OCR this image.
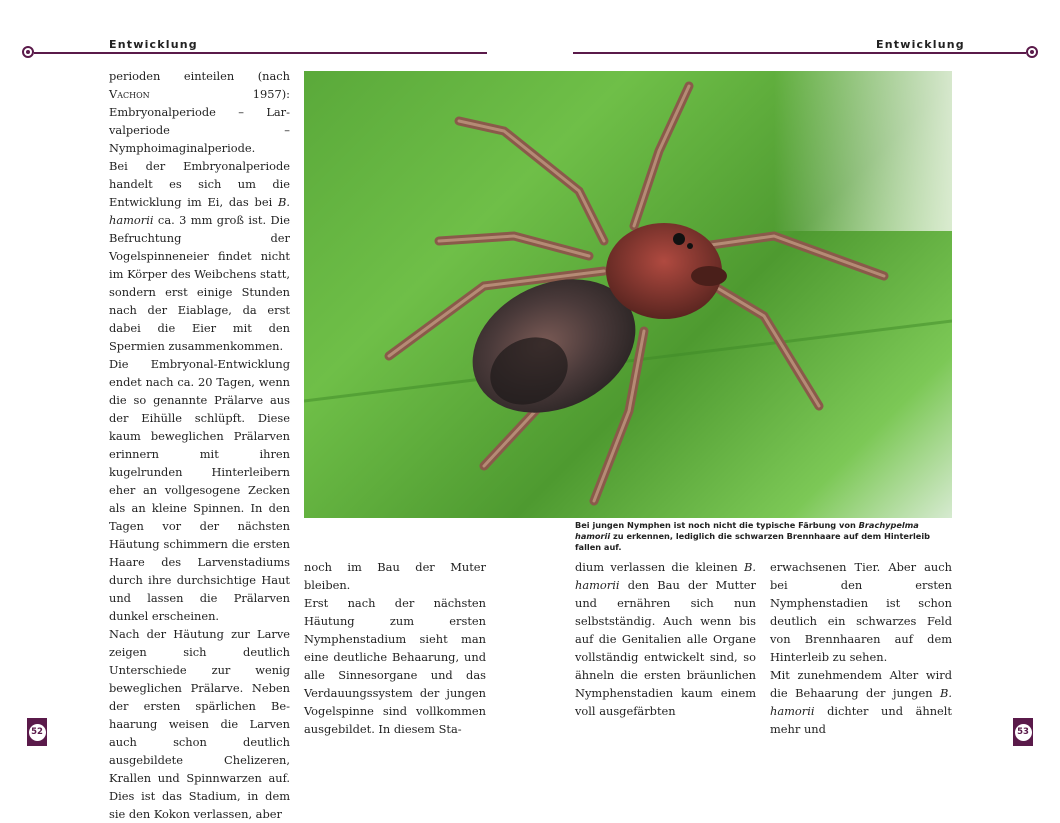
Entwicklung	Entwicklung

perioden einteilen (nach Vachon 1957): Embryonalperiode – Larvalperiode – Nymphoimaginalperiode.

Bei der Embryonalperiode handelt es sich um die Entwicklung im Ei, das bei B. hamorii ca. 3 mm groß ist. Die Befruchtung der Vogelspinneneier findet nicht im Körper des Weibchens statt, sondern erst einige Stunden nach der Eiablage, da erst dabei die Eier mit den Spermien zusammenkommen.

Die Embryonal-Entwicklung endet nach ca. 20 Tagen, wenn die so genannte Prälarve aus der Eihülle schlüpft. Diese kaum beweglichen Prälarven erinnern mit ihren kugelrunden Hinterleibern eher an vollgesogene Zecken als an kleine Spinnen. In den Tagen vor der nächsten Häutung schimmern die ersten Haare des Larvenstadiums durch ihre durchsichtige Haut und lassen die Prälarven dunkel erscheinen.

Nach der Häutung zur Larve zeigen sich deutlich Unterschiede zur wenig beweglichen Prälarve. Neben der ersten spärlichen Behaarung weisen die Larven auch schon deutlich ausgebildete Chelizeren, Krallen und Spinnwarzen auf. Dies ist das Stadium, in dem sie den Kokon verlassen, aber

Bei jungen Nymphen ist noch nicht die typische Färbung von Brachypelma hamorii zu erkennen, lediglich die schwarzen Brennhaare auf dem Hinterleib fallen auf.

noch im Bau der Muter bleiben.

Erst nach der nächsten Häutung zum ersten Nymphenstadium sieht man eine deutliche Behaarung, und alle Sinnesorgane und das Verdauungssystem der jungen Vogelspinne sind vollkommen ausgebildet. In diesem Sta-

dium verlassen die kleinen B. hamorii den Bau der Mutter und ernähren sich nun selbstständig. Auch wenn bis auf die Genitalien alle Organe vollständig entwickelt sind, so ähneln die ersten bräunlichen Nymphenstadien kaum einem voll ausgefärbten

erwachsenen Tier. Aber auch bei den ersten Nymphenstadien ist schon deutlich ein schwarzes Feld von Brennhaaren auf dem Hinterleib zu sehen.

Mit zunehmendem Alter wird die Behaarung der jungen B. hamorii dichter und ähnelt mehr und

52	53
